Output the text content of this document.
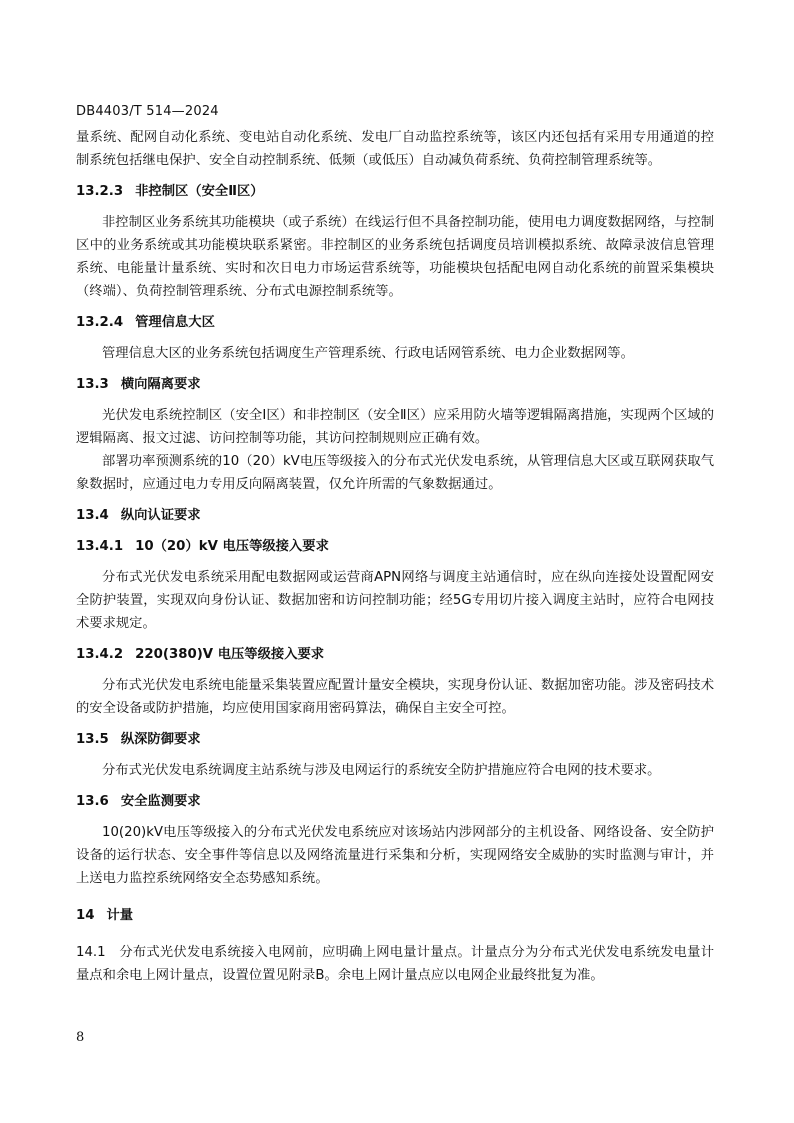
DB4403/T 514—2024

量系统、配网自动化系统、变电站自动化系统、发电厂自动监控系统等，该区内还包括有采用专用通道的控制系统包括继电保护、安全自动控制系统、低频（或低压）自动减负荷系统、负荷控制管理系统等。

13.2.3 非控制区（安全Ⅱ区）

非控制区业务系统其功能模块（或子系统）在线运行但不具备控制功能，使用电力调度数据网络，与控制区中的业务系统或其功能模块联系紧密。非控制区的业务系统包括调度员培训模拟系统、故障录波信息管理系统、电能量计量系统、实时和次日电力市场运营系统等，功能模块包括配电网自动化系统的前置采集模块（终端）、负荷控制管理系统、分布式电源控制系统等。

13.2.4 管理信息大区

管理信息大区的业务系统包括调度生产管理系统、行政电话网管系统、电力企业数据网等。

13.3 横向隔离要求

光伏发电系统控制区（安全Ⅰ区）和非控制区（安全Ⅱ区）应采用防火墙等逻辑隔离措施，实现两个区域的逻辑隔离、报文过滤、访问控制等功能，其访问控制规则应正确有效。

部署功率预测系统的10（20）kV电压等级接入的分布式光伏发电系统，从管理信息大区或互联网获取气象数据时，应通过电力专用反向隔离装置，仅允许所需的气象数据通过。

13.4 纵向认证要求

13.4.1 10（20）kV 电压等级接入要求

分布式光伏发电系统采用配电数据网或运营商APN网络与调度主站通信时，应在纵向连接处设置配网安全防护装置，实现双向身份认证、数据加密和访问控制功能；经5G专用切片接入调度主站时，应符合电网技术要求规定。

13.4.2 220(380)V 电压等级接入要求

分布式光伏发电系统电能量采集装置应配置计量安全模块，实现身份认证、数据加密功能。涉及密码技术的安全设备或防护措施，均应使用国家商用密码算法，确保自主安全可控。

13.5 纵深防御要求

分布式光伏发电系统调度主站系统与涉及电网运行的系统安全防护措施应符合电网的技术要求。

13.6 安全监测要求

10(20)kV电压等级接入的分布式光伏发电系统应对该场站内涉网部分的主机设备、网络设备、安全防护设备的运行状态、安全事件等信息以及网络流量进行采集和分析，实现网络安全威胁的实时监测与审计，并上送电力监控系统网络安全态势感知系统。

14 计量

14.1　分布式光伏发电系统接入电网前，应明确上网电量计量点。计量点分为分布式光伏发电系统发电量计量点和余电上网计量点，设置位置见附录B。余电上网计量点应以电网企业最终批复为准。

8
